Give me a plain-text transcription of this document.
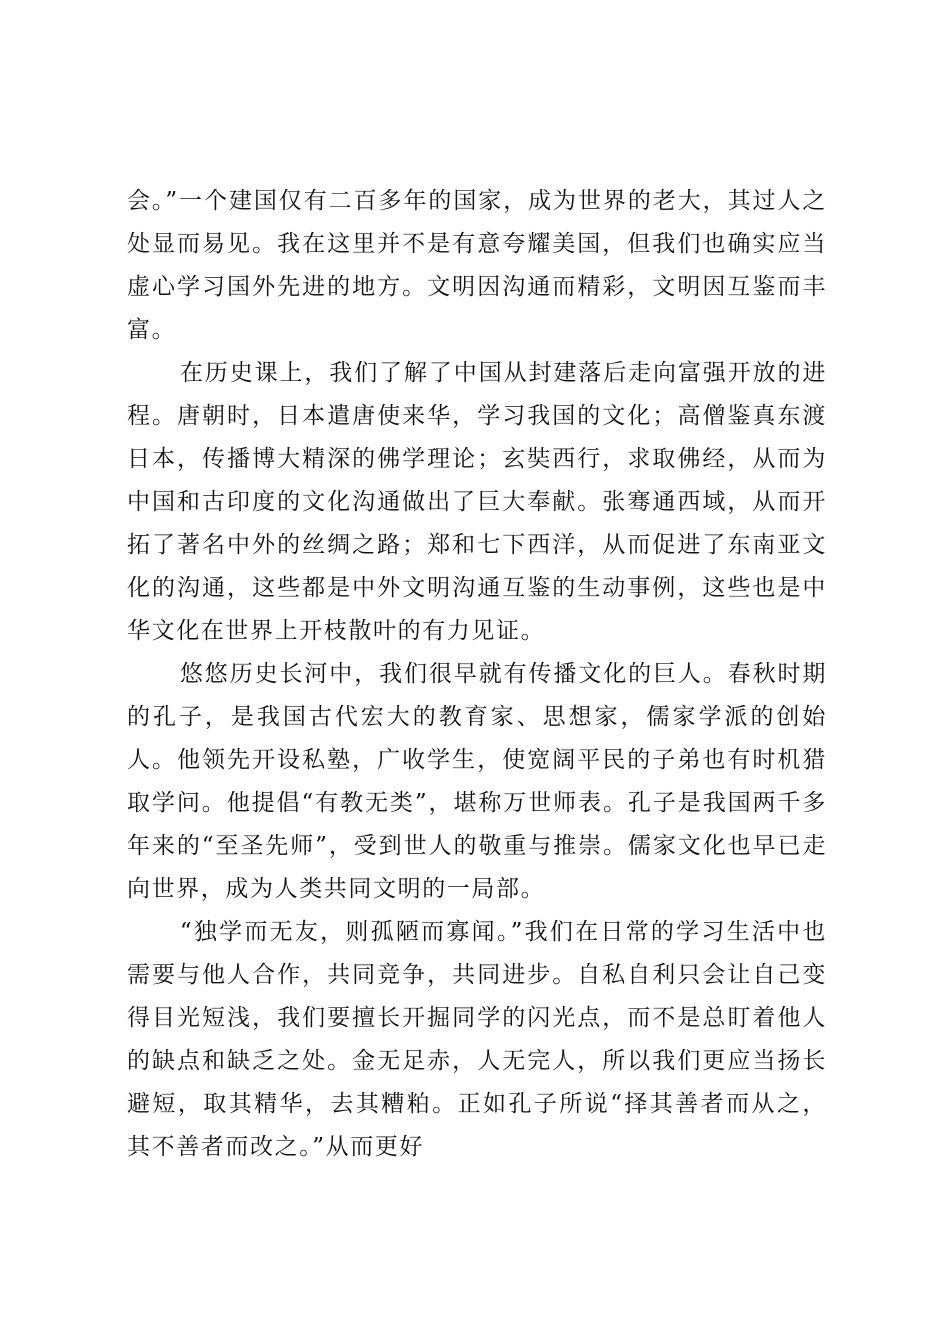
会。”一个建国仅有二百多年的国家，成为世界的老大，其过人之处显而易见。我在这里并不是有意夸耀美国，但我们也确实应当虚心学习国外先进的地方。文明因沟通而精彩，文明因互鉴而丰富。

在历史课上，我们了解了中国从封建落后走向富强开放的进程。唐朝时，日本遣唐使来华，学习我国的文化；高僧鉴真东渡日本，传播博大精深的佛学理论；玄奘西行，求取佛经，从而为中国和古印度的文化沟通做出了巨大奉献。张骞通西域，从而开拓了著名中外的丝绸之路；郑和七下西洋，从而促进了东南亚文化的沟通，这些都是中外文明沟通互鉴的生动事例，这些也是中华文化在世界上开枝散叶的有力见证。

悠悠历史长河中，我们很早就有传播文化的巨人。春秋时期的孔子，是我国古代宏大的教育家、思想家，儒家学派的创始人。他领先开设私塾，广收学生，使宽阔平民的子弟也有时机猎取学问。他提倡“有教无类”，堪称万世师表。孔子是我国两千多年来的“至圣先师”，受到世人的敬重与推崇。儒家文化也早已走向世界，成为人类共同文明的一局部。

“独学而无友，则孤陋而寡闻。”我们在日常的学习生活中也需要与他人合作，共同竞争，共同进步。自私自利只会让自己变得目光短浅，我们要擅长开掘同学的闪光点，而不是总盯着他人的缺点和缺乏之处。金无足赤，人无完人，所以我们更应当扬长避短，取其精华，去其糟粕。正如孔子所说“择其善者而从之，其不善者而改之。”从而更好
